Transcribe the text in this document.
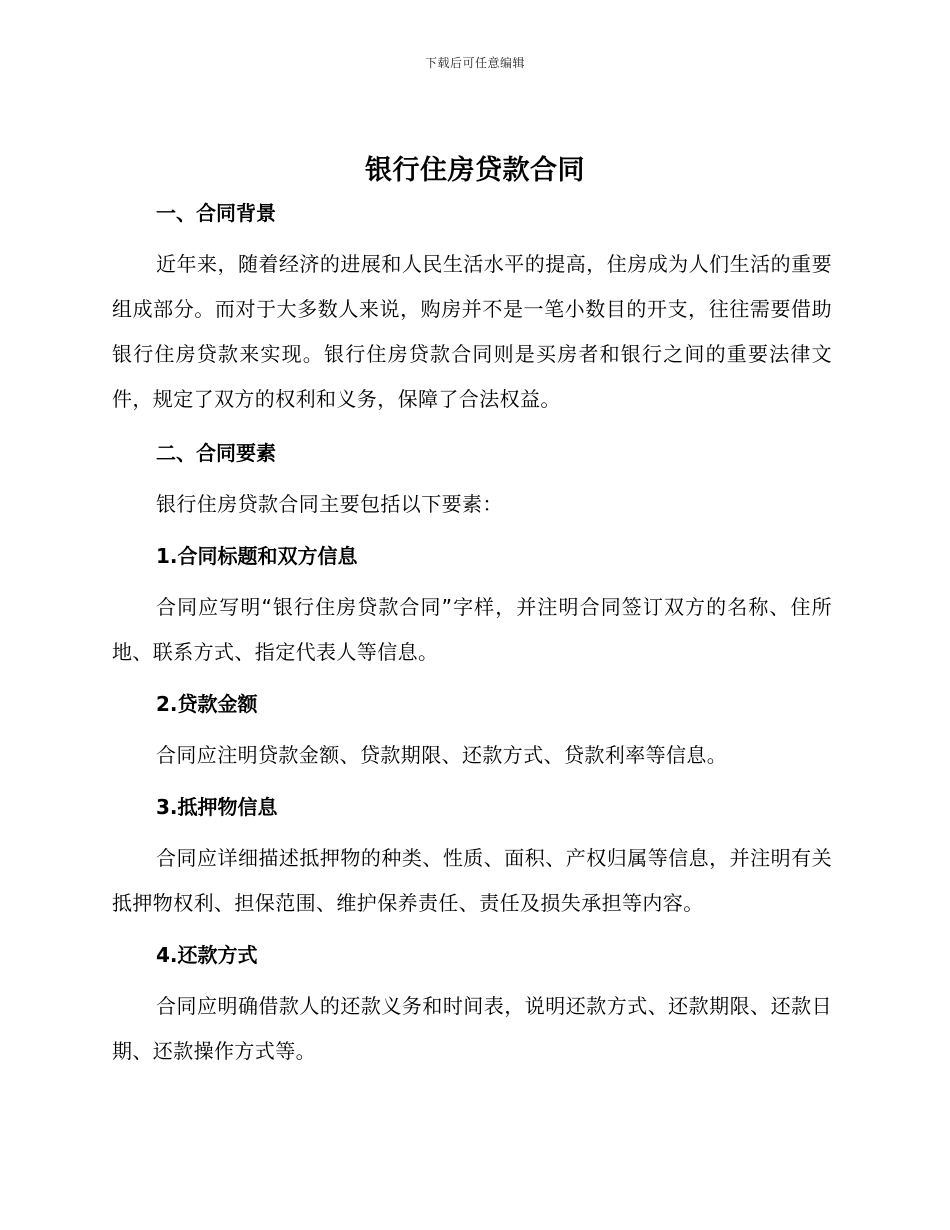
下载后可任意编辑
银行住房贷款合同

一、合同背景

近年来，随着经济的进展和人民生活水平的提高，住房成为人们生活的重要组成部分。而对于大多数人来说，购房并不是一笔小数目的开支，往往需要借助银行住房贷款来实现。银行住房贷款合同则是买房者和银行之间的重要法律文件，规定了双方的权利和义务，保障了合法权益。

二、合同要素

银行住房贷款合同主要包括以下要素：

1.合同标题和双方信息

合同应写明“银行住房贷款合同”字样，并注明合同签订双方的名称、住所地、联系方式、指定代表人等信息。

2.贷款金额

合同应注明贷款金额、贷款期限、还款方式、贷款利率等信息。

3.抵押物信息

合同应详细描述抵押物的种类、性质、面积、产权归属等信息，并注明有关抵押物权利、担保范围、维护保养责任、责任及损失承担等内容。

4.还款方式

合同应明确借款人的还款义务和时间表，说明还款方式、还款期限、还款日期、还款操作方式等。
